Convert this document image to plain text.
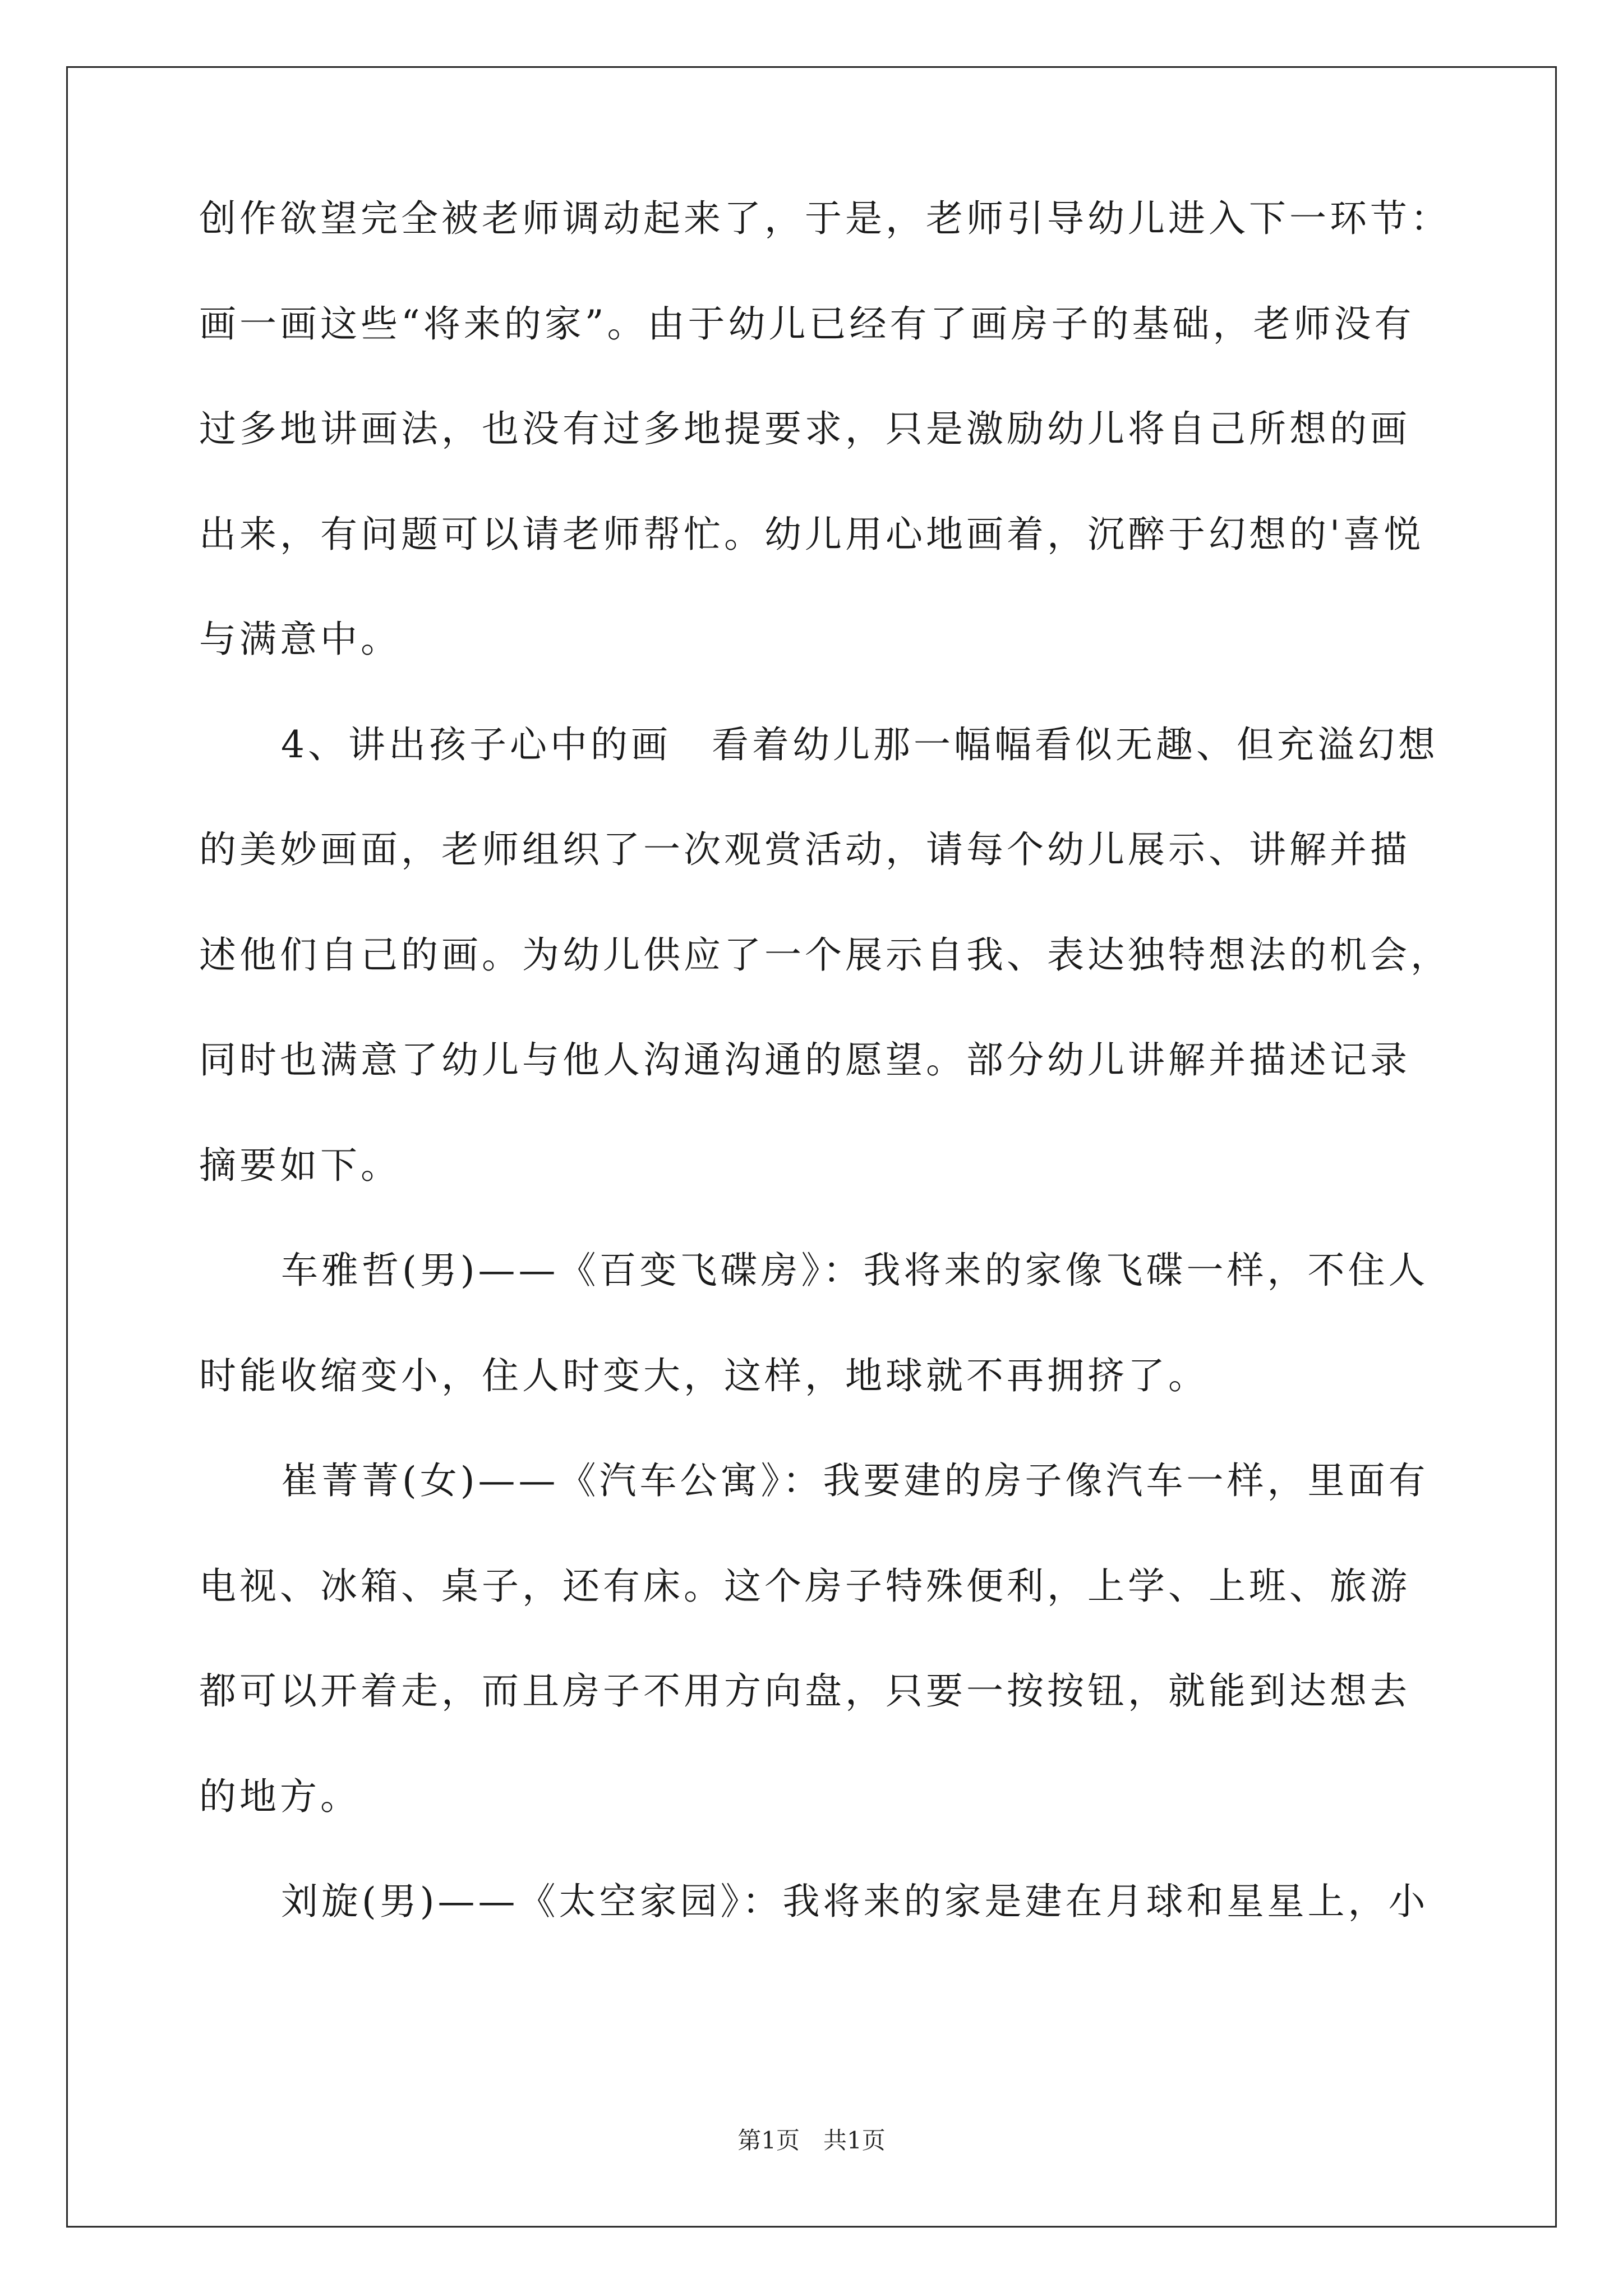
创作欲望完全被老师调动起来了，于是，老师引导幼儿进入下一环节：
画一画这些“将来的家”。由于幼儿已经有了画房子的基础，老师没有
过多地讲画法，也没有过多地提要求，只是激励幼儿将自己所想的画
出来，有问题可以请老师帮忙。幼儿用心地画着，沉醉于幻想的'喜悦
与满意中。
4、讲出孩子心中的画　看着幼儿那一幅幅看似无趣、但充溢幻想
的美妙画面，老师组织了一次观赏活动，请每个幼儿展示、讲解并描
述他们自己的画。为幼儿供应了一个展示自我、表达独特想法的机会，
同时也满意了幼儿与他人沟通沟通的愿望。部分幼儿讲解并描述记录
摘要如下。
车雅哲(男)——《百变飞碟房》：我将来的家像飞碟一样，不住人
时能收缩变小，住人时变大，这样，地球就不再拥挤了。
崔菁菁(女)——《汽车公寓》：我要建的房子像汽车一样，里面有
电视、冰箱、桌子，还有床。这个房子特殊便利，上学、上班、旅游
都可以开着走，而且房子不用方向盘，只要一按按钮，就能到达想去
的地方。
刘旋(男)——《太空家园》：我将来的家是建在月球和星星上，小
第1页　共1页
